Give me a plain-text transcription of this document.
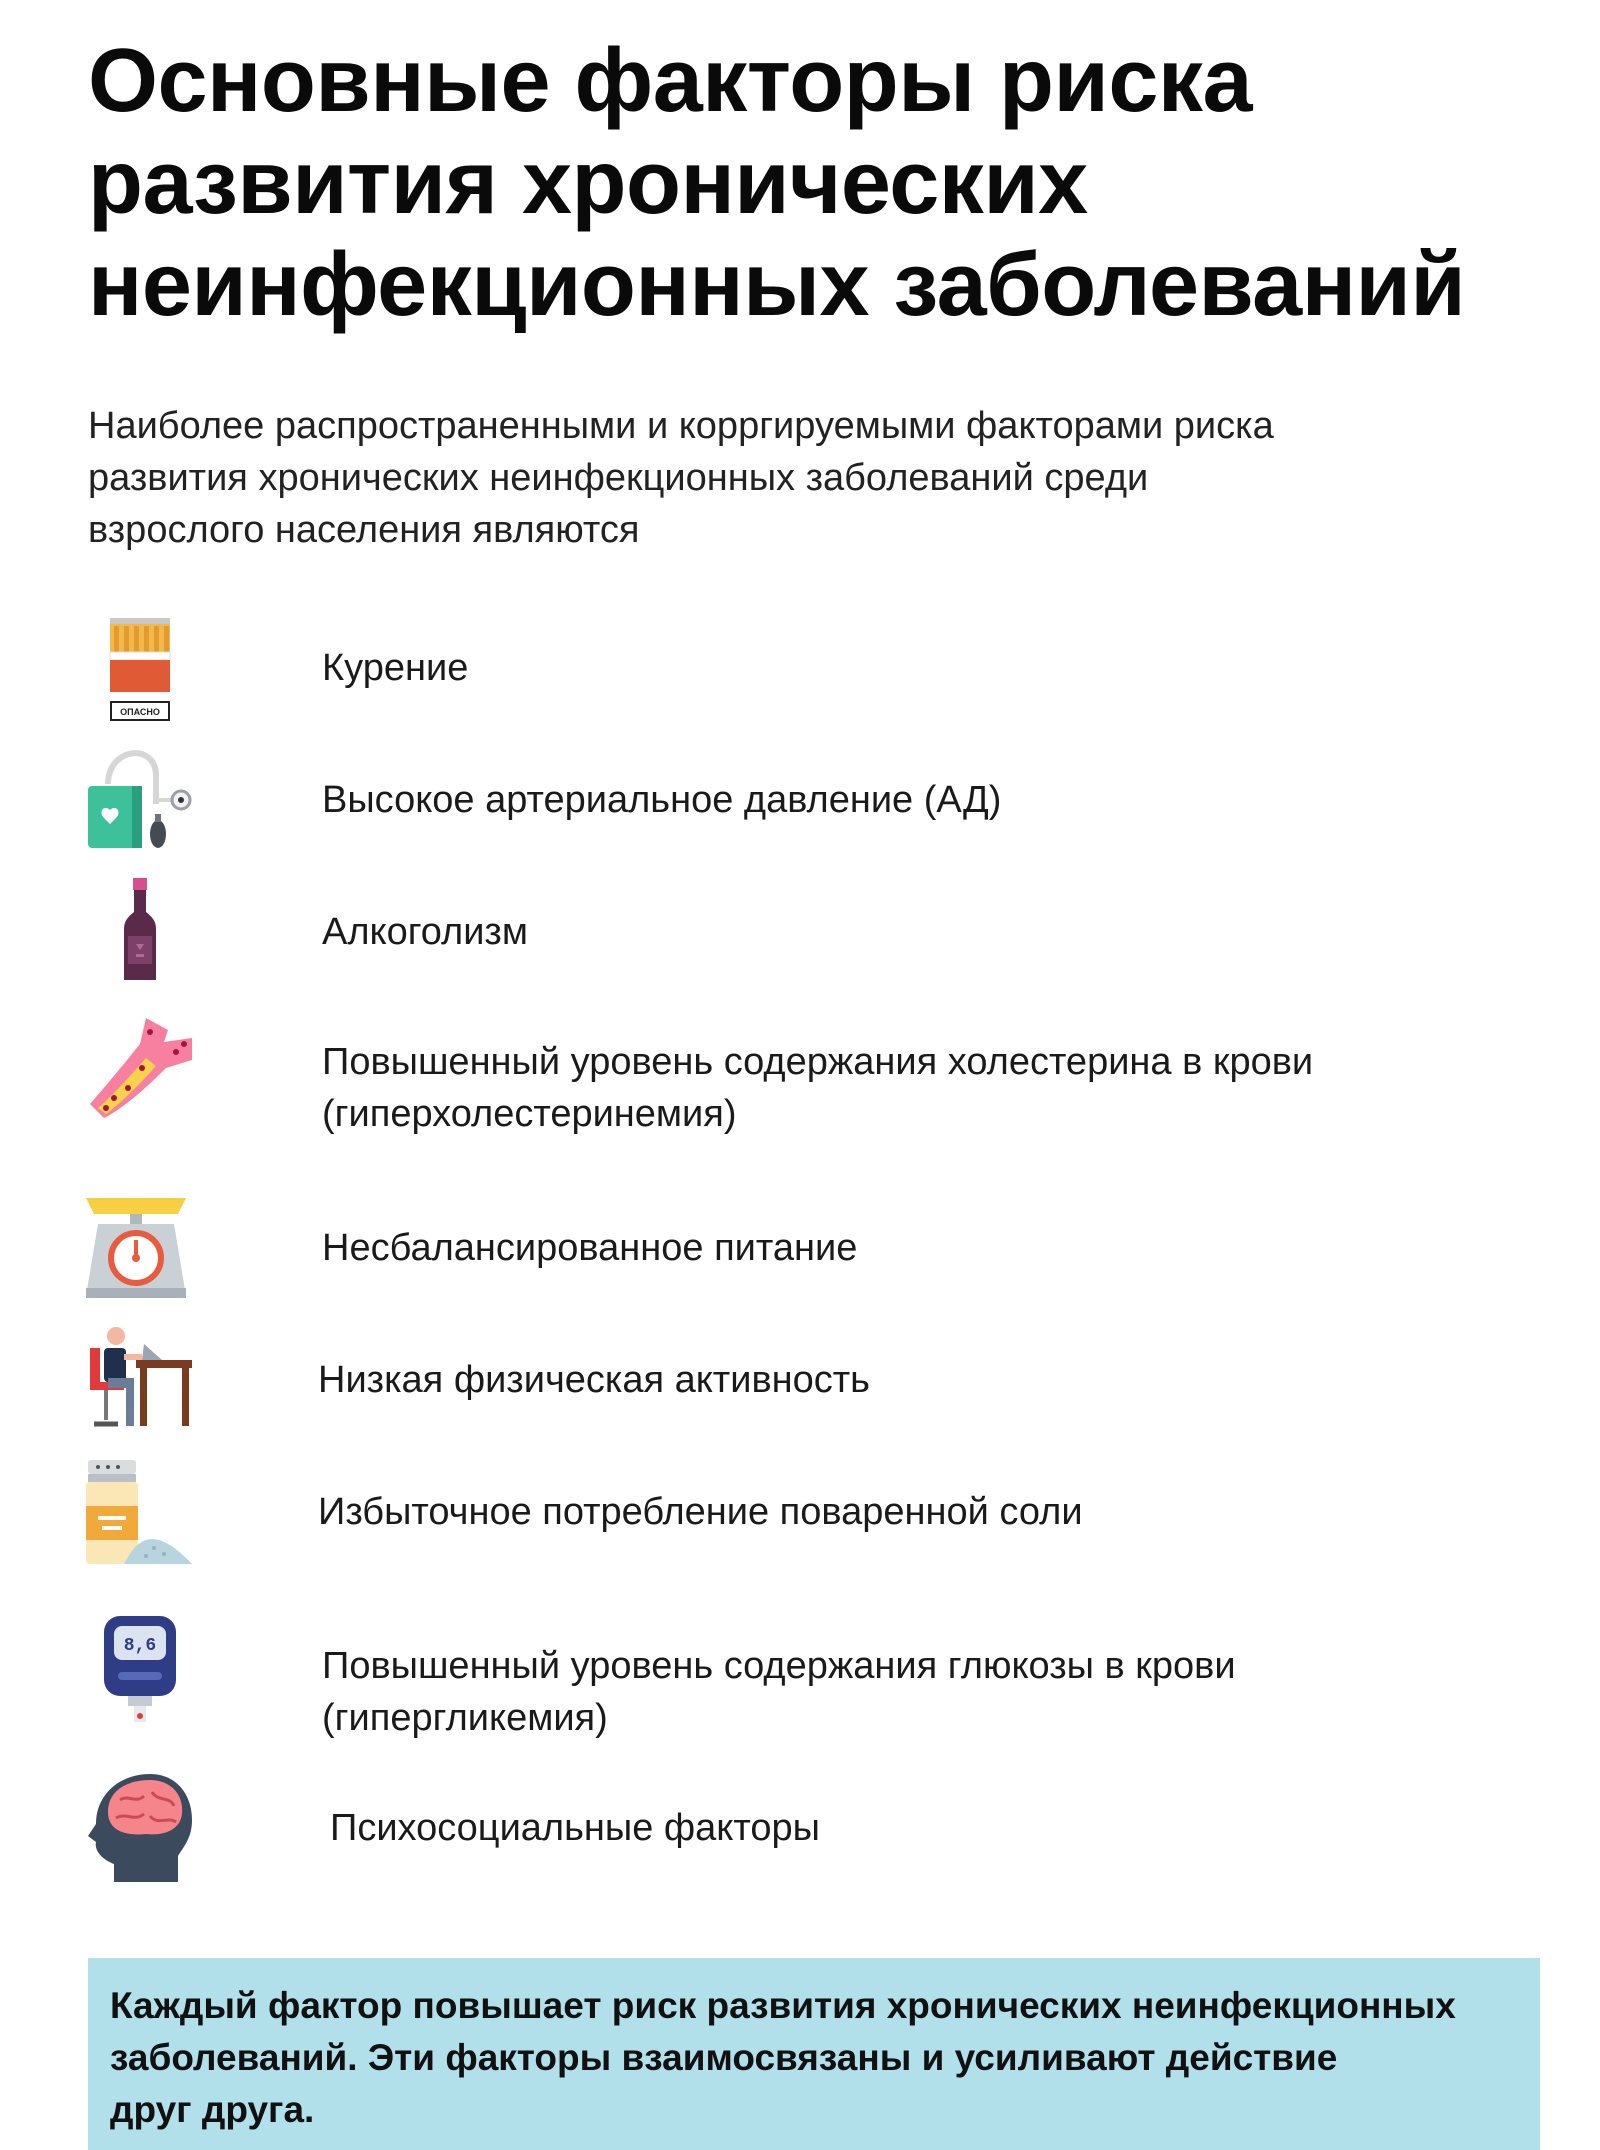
Основные факторы риска
развития хронических
неинфекционных заболеваний

Наиболее распространенными и корргируемыми факторами риска
развития хронических неинфекционных заболеваний среди
взрослого населения являются

ОПАСНО
Курение
Высокое артериальное давление (АД)
Алкоголизм
Повышенный уровень содержания холестерина в крови
(гиперхолестеринемия)
Несбалансированное питание
Низкая физическая активность
Избыточное потребление поваренной соли
8,6	Повышенный уровень содержания глюкозы в крови
(гипергликемия)
Психосоциальные факторы
Каждый фактор повышает риск развития хронических неинфекционных
заболеваний. Эти факторы взаимосвязаны и усиливают действие
друг друга.
